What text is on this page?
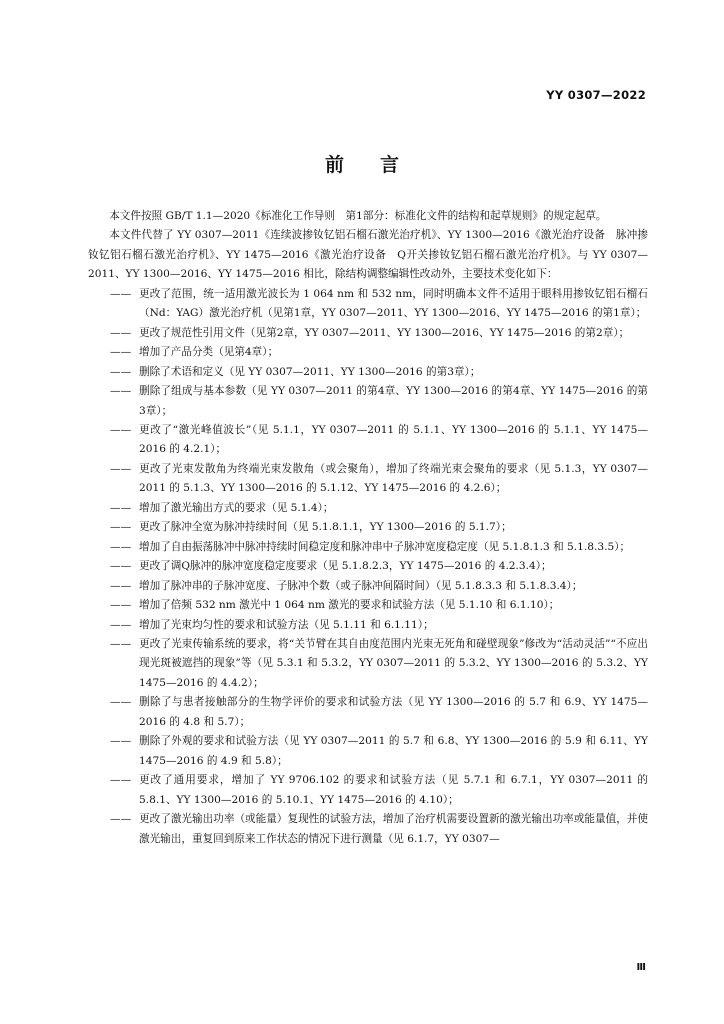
YY 0307—2022
前言

本文件按照 GB/T 1.1—2020《标准化工作导则　第1部分：标准化文件的结构和起草规则》的规定起草。

本文件代替了 YY 0307—2011《连续波掺钕钇铝石榴石激光治疗机》、YY 1300—2016《激光治疗设备　脉冲掺钕钇铝石榴石激光治疗机》、YY 1475—2016《激光治疗设备　Q开关掺钕钇铝石榴石激光治疗机》。与 YY 0307—2011、YY 1300—2016、YY 1475—2016 相比，除结构调整编辑性改动外，主要技术变化如下：

—— 更改了范围，统一适用激光波长为 1 064 nm 和 532 nm，同时明确本文件不适用于眼科用掺钕钇铝石榴石（Nd：YAG）激光治疗机（见第1章，YY 0307—2011、YY 1300—2016、YY 1475—2016 的第1章）；

—— 更改了规范性引用文件（见第2章，YY 0307—2011、YY 1300—2016、YY 1475—2016 的第2章）；

—— 增加了产品分类（见第4章）；

—— 删除了术语和定义（见 YY 0307—2011、YY 1300—2016 的第3章）；

—— 删除了组成与基本参数（见 YY 0307—2011 的第4章、YY 1300—2016 的第4章、YY 1475—2016 的第3章）；

—— 更改了“激光峰值波长”（见 5.1.1，YY 0307—2011 的 5.1.1、YY 1300—2016 的 5.1.1、YY 1475—2016 的 4.2.1）；

—— 更改了光束发散角为终端光束发散角（或会聚角），增加了终端光束会聚角的要求（见 5.1.3，YY 0307—2011 的 5.1.3、YY 1300—2016 的 5.1.12、YY 1475—2016 的 4.2.6）；

—— 增加了激光输出方式的要求（见 5.1.4）；

—— 更改了脉冲全宽为脉冲持续时间（见 5.1.8.1.1，YY 1300—2016 的 5.1.7）；

—— 增加了自由振荡脉冲中脉冲持续时间稳定度和脉冲串中子脉冲宽度稳定度（见 5.1.8.1.3 和 5.1.8.3.5）；

—— 更改了调Q脉冲的脉冲宽度稳定度要求（见 5.1.8.2.3，YY 1475—2016 的 4.2.3.4）；

—— 增加了脉冲串的子脉冲宽度、子脉冲个数（或子脉冲间隔时间）（见 5.1.8.3.3 和 5.1.8.3.4）；

—— 增加了倍频 532 nm 激光中 1 064 nm 激光的要求和试验方法（见 5.1.10 和 6.1.10）；

—— 增加了光束均匀性的要求和试验方法（见 5.1.11 和 6.1.11）；

—— 更改了光束传输系统的要求，将“关节臂在其自由度范围内光束无死角和碰壁现象”修改为“活动灵活”“不应出现光斑被遮挡的现象”等（见 5.3.1 和 5.3.2，YY 0307—2011 的 5.3.2、YY 1300—2016 的 5.3.2、YY 1475—2016 的 4.4.2）；

—— 删除了与患者接触部分的生物学评价的要求和试验方法（见 YY 1300—2016 的 5.7 和 6.9、YY 1475—2016 的 4.8 和 5.7）；

—— 删除了外观的要求和试验方法（见 YY 0307—2011 的 5.7 和 6.8、YY 1300—2016 的 5.9 和 6.11、YY 1475—2016 的 4.9 和 5.8）；

—— 更改了通用要求，增加了 YY 9706.102 的要求和试验方法（见 5.7.1 和 6.7.1，YY 0307—2011 的 5.8.1、YY 1300—2016 的 5.10.1、YY 1475—2016 的 4.10）；

—— 更改了激光输出功率（或能量）复现性的试验方法，增加了治疗机需要设置新的激光输出功率或能量值，并使激光输出，重复回到原来工作状态的情况下进行测量（见 6.1.7，YY 0307—

Ⅲ
